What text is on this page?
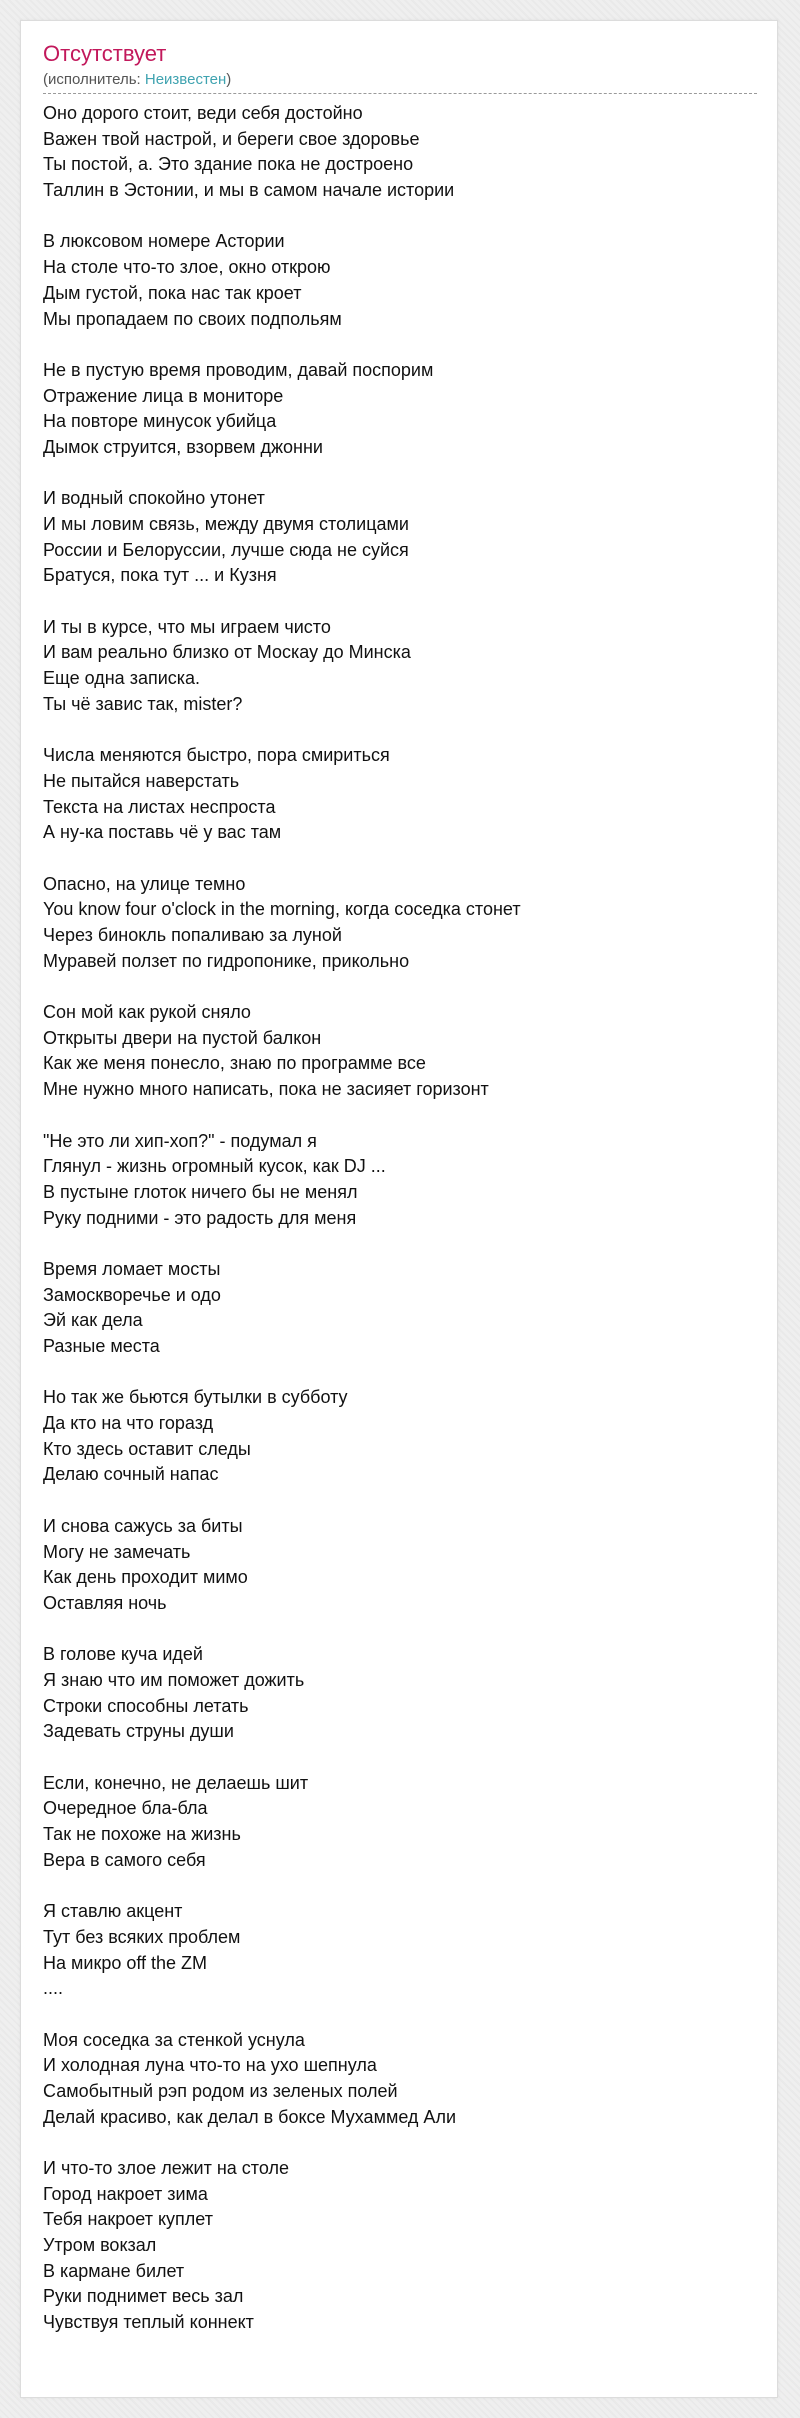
Отсутствует
(исполнитель: Неизвестен)
Оно дорого стоит, веди себя достойно
Важен твой настрой, и береги свое здоровье
Ты постой, а. Это здание пока не достроено
Таллин в Эстонии, и мы в самом начале истории
В люксовом номере Астории
На столе что-то злое, окно открою
Дым густой, пока нас так кроет
Мы пропадаем по своих подпольям
Не в пустую время проводим, давай поспорим
Отражение лица в мониторе
На повторе минусок убийца
Дымок струится, взорвем джонни
И водный спокойно утонет
И мы ловим связь, между двумя столицами
России и Белоруссии, лучше сюда не суйся
Братуся, пока тут ... и Кузня
И ты в курсе, что мы играем чисто
И вам реально близко от Москау до Минска
Еще одна записка.
Ты чё завис так, mister?
Числа меняются быстро, пора смириться
Не пытайся наверстать
Текста на листах неспроста
А ну-ка поставь чё у вас там
Опасно, на улице темно
You know four o'clock in the morning, когда соседка стонет
Через бинокль попаливаю за луной
Муравей ползет по гидропонике, прикольно
Сон мой как рукой сняло
Открыты двери на пустой балкон
Как же меня понесло, знаю по программе все
Мне нужно много написать, пока не засияет горизонт
"Не это ли хип-хоп?" - подумал я
Глянул - жизнь огромный кусок, как DJ ...
В пустыне глоток ничего бы не менял
Руку подними - это радость для меня
Время ломает мосты
Замоскворечье и одо
Эй как дела
Разные места
Но так же бьются бутылки в субботу
Да кто на что горазд
Кто здесь оставит следы
Делаю сочный напас
И снова сажусь за биты
Могу не замечать
Как день проходит мимо
Оставляя ночь
В голове куча идей
Я знаю что им поможет дожить
Строки способны летать
Задевать струны души
Если, конечно, не делаешь шит
Очередное бла-бла
Так не похоже на жизнь
Вера в самого себя
Я ставлю акцент
Тут без всяких проблем
На микро off the ZM
....
Моя соседка за стенкой уснула
И холодная луна что-то на ухо шепнула
Самобытный рэп родом из зеленых полей
Делай красиво, как делал в боксе Мухаммед Али
И что-то злое лежит на столе
Город накроет зима
Тебя накроет куплет
Утром вокзал
В кармане билет
Руки поднимет весь зал
Чувствуя теплый коннект
